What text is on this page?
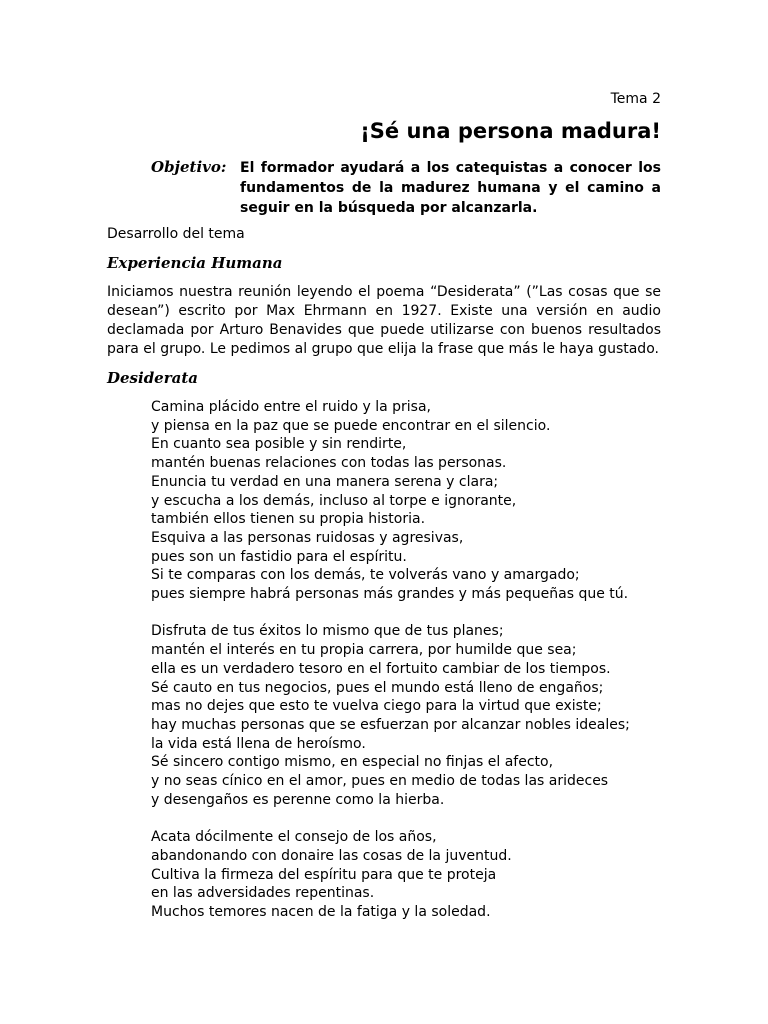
Tema 2
¡Sé una persona madura!
Objetivo: El formador ayudará a los catequistas a conocer los fundamentos de la madurez humana y el camino a seguir en la búsqueda por alcanzarla.
Desarrollo del tema
Experiencia Humana
Iniciamos nuestra reunión leyendo el poema “Desiderata” (”Las cosas que se desean”) escrito por Max Ehrmann en 1927. Existe una versión en audio declamada por Arturo Benavides que puede utilizarse con buenos resultados para el grupo. Le pedimos al grupo que elija la frase que más le haya gustado.
Desiderata
Camina plácido entre el ruido y la prisa,
y piensa en la paz que se puede encontrar en el silencio.
En cuanto sea posible y sin rendirte,
mantén buenas relaciones con todas las personas.
Enuncia tu verdad en una manera serena y clara;
y escucha a los demás, incluso al torpe e ignorante,
también ellos tienen su propia historia.
Esquiva a las personas ruidosas y agresivas,
pues son un fastidio para el espíritu.
Si te comparas con los demás, te volverás vano y amargado;
pues siempre habrá personas más grandes y más pequeñas que tú.
Disfruta de tus éxitos lo mismo que de tus planes;
mantén el interés en tu propia carrera, por humilde que sea;
ella es un verdadero tesoro en el fortuito cambiar de los tiempos.
Sé cauto en tus negocios, pues el mundo está lleno de engaños;
mas no dejes que esto te vuelva ciego para la virtud que existe;
hay muchas personas que se esfuerzan por alcanzar nobles ideales;
la vida está llena de heroísmo.
Sé sincero contigo mismo, en especial no finjas el afecto,
y no seas cínico en el amor, pues en medio de todas las arideces
y desengaños es perenne como la hierba.
Acata dócilmente el consejo de los años,
abandonando con donaire las cosas de la juventud.
Cultiva la firmeza del espíritu para que te proteja
en las adversidades repentinas.
Muchos temores nacen de la fatiga y la soledad.
